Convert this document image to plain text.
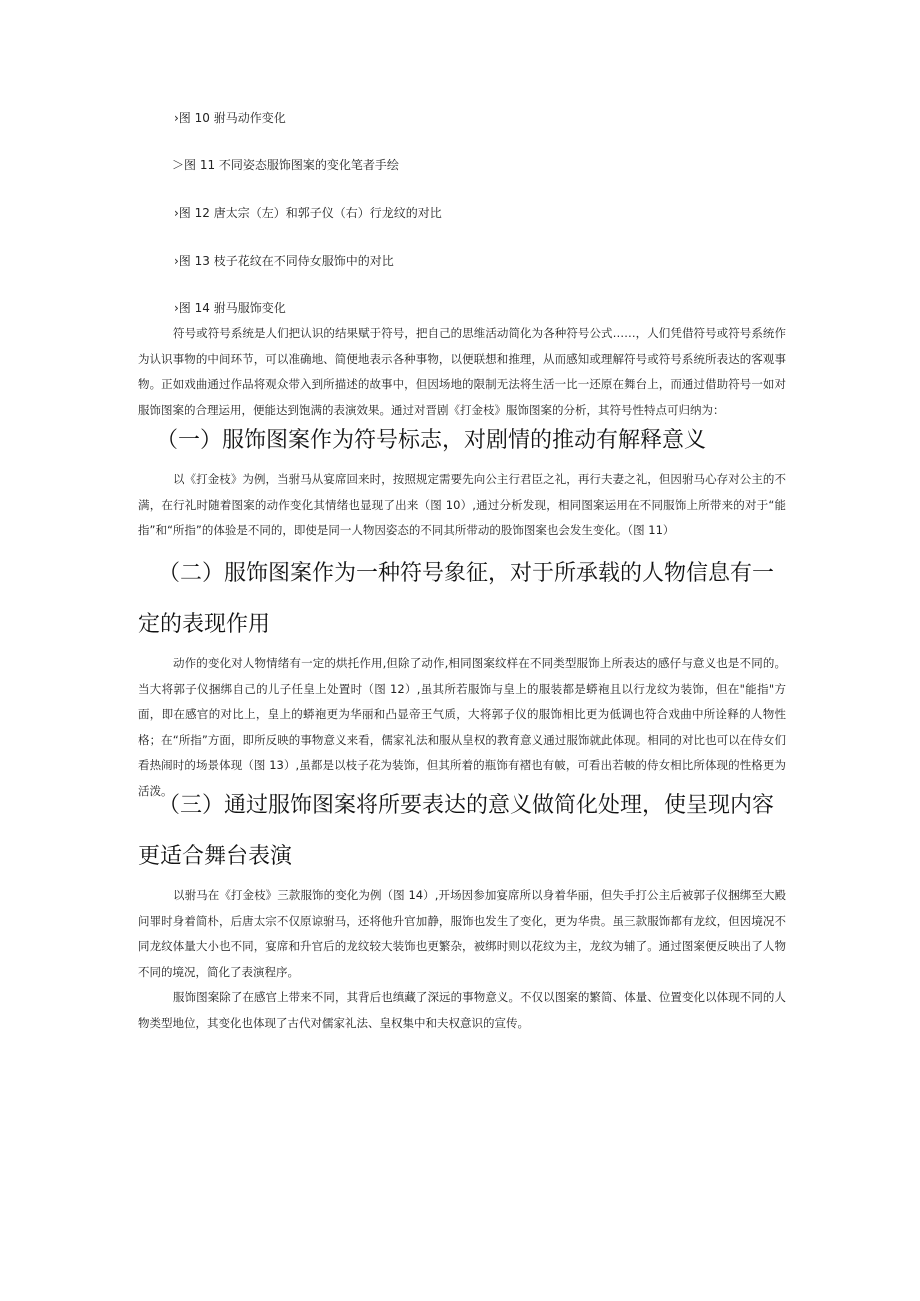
›图 10 驸马动作变化
＞图 11 不同姿态服饰图案的变化笔者手绘
›图 12 唐太宗（左）和郭子仪（右）行龙纹的对比
›图 13 枝子花纹在不同侍女服饰中的对比
›图 14 驸马服饰变化

符号或符号系统是人们把认识的结果赋于符号，把自己的思维活动简化为各种符号公式……，人们凭借符号或符号系统作为认识事物的中间环节，可以准确地、简便地表示各种事物，以便联想和推理，从而感知或理解符号或符号系统所表达的客观事物。正如戏曲通过作品将观众带入到所描述的故事中，但因场地的限制无法将生活一比一还原在舞台上，而通过借助符号一如对服饰图案的合理运用，便能达到饱满的表演效果。通过对晋剧《打金枝》服饰图案的分析，其符号性特点可归纳为：

（一）服饰图案作为符号标志，对剧情的推动有解释意义

以《打金枝》为例，当驸马从宴席回来时，按照规定需要先向公主行君臣之礼，再行夫妻之礼，但因驸马心存对公主的不满，在行礼时随着图案的动作变化其情绪也显现了出来（图 10）,通过分析发现，相同图案运用在不同服饰上所带来的对于“能指”和“所指”的体验是不同的，即使是同一人物因姿态的不同其所带动的股饰图案也会发生变化。（图 11）

（二）服饰图案作为一种符号象征，对于所承载的人物信息有一定的表现作用

动作的变化对人物情绪有一定的烘托作用,但除了动作,相同图案纹样在不同类型服饰上所表达的感仔与意义也是不同的。当大将郭子仪捆绑自己的儿子任皇上处置时（图 12）,虽其所若服饰与皇上的服装都是蟒袍且以行龙纹为装饰，但在"能指"方面，即在感官的对比上，皇上的蟒袍更为华丽和凸显帝王气质，大将郭子仪的服饰相比更为低调也符合戏曲中所诠释的人物性格；在“所指”方面，即所反映的事物意义来看，儒家礼法和服从皇权的教育意义通过服饰就此体现。相同的对比也可以在侍女们看热闹时的场景体现（图 13）,虽都是以枝子花为装饰，但其所着的瓶饰有褶也有帔，可看出若帔的侍女相比所体现的性格更为活泼。

（三）通过服饰图案将所要表达的意义做简化处理，使呈现内容更适合舞台表演

以驸马在《打金枝》三款服饰的变化为例（图 14）,开场因参加宴席所以身着华丽，但失手打公主后被郭子仪捆绑至大殿问罪时身着简朴，后唐太宗不仅原谅驸马，还将他升官加静，服饰也发生了变化，更为华贵。虽三款服饰都有龙纹，但因境况不同龙纹体量大小也不同，宴席和升官后的龙纹较大装饰也更繁杂，被绑时则以花纹为主，龙纹为辅了。通过图案便反映出了人物不同的境况，简化了表演程序。

服饰图案除了在感官上带来不同，其背后也缜藏了深远的事物意义。不仅以图案的繁简、体量、位置变化以体现不同的人物类型地位，其变化也体现了古代对儒家礼法、皇权集中和夫权意识的宣传。
